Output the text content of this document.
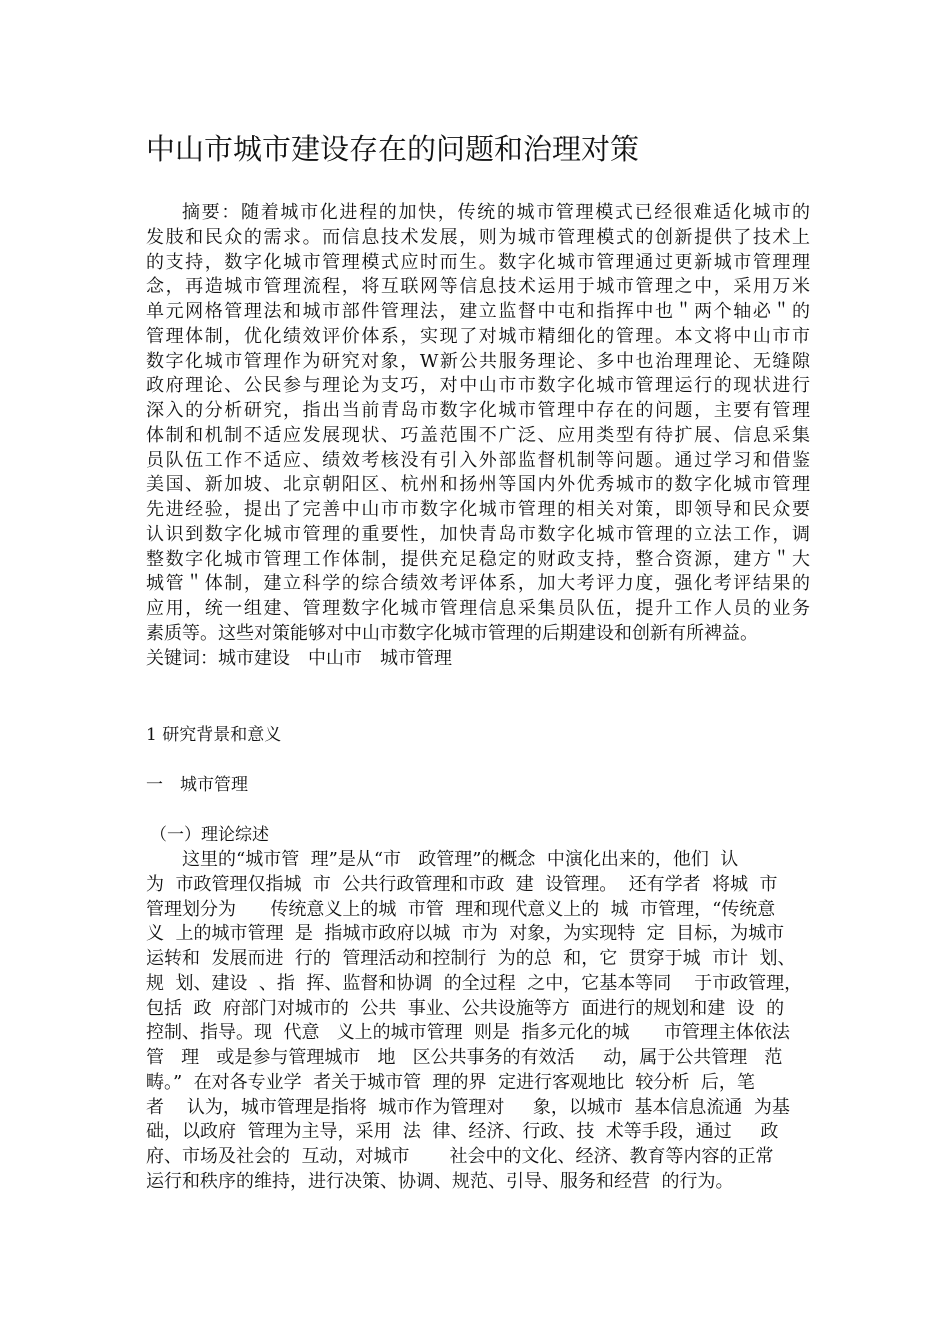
中山市城市建设存在的问题和治理对策
摘要：随着城市化进程的加快，传统的城市管理模式已经很难适化城市的
发肢和民众的需求。而信息技术发展，则为城市管理模式的创新提供了技术上
的支持，数字化城市管理模式应时而生。数字化城市管理通过更新城市管理理
念，再造城市管理流程，将互联网等信息技术运用于城市管理之中，采用万米
单元网格管理法和城市部件管理法，建立监督中屯和指挥中也＂两个轴必＂的
管理体制，优化绩效评价体系，实现了对城市精细化的管理。本文将中山市市
数字化城市管理作为研究对象，W新公共服务理论、多中也治理理论、无缝隙
政府理论、公民参与理论为支巧，对中山市市数字化城市管理运行的现状进行
深入的分析研究，指出当前青岛市数字化城市管理中存在的问题，主要有管理
体制和机制不适应发展现状、巧盖范围不广泛、应用类型有待扩展、信息采集
员队伍工作不适应、绩效考核没有引入外部监督机制等问题。通过学习和借鉴
美国、新加坡、北京朝阳区、杭州和扬州等国内外优秀城市的数字化城市管理
先进经验，提出了完善中山市市数字化城市管理的相关对策，即领导和民众要
认识到数字化城市管理的重要性，加快青岛市数字化城市管理的立法工作，调
整数字化城市管理工作体制，提供充足稳定的财政支持，整合资源，建方＂大
城管＂体制，建立科学的综合绩效考评体系，加大考评力度，强化考评结果的
应用，统一组建、管理数字化城市管理信息采集员队伍，提升工作人员的业务
素质等。这些对策能够对中山市数字化城市管理的后期建设和创新有所裨益。
关键词：城市建设　中山市　城市管理
1 研究背景和意义
一　城市管理
（一）理论综述
这里的“城市管  理”是从“市   政管理”的概念  中演化出来的，他们  认
为  市政管理仅指城  市  公共行政管理和市政  建  设管理。  还有学者  将城  市
管理划分为      传统意义上的城  市管  理和现代意义上的  城  市管理，“传统意
义  上的城市管理  是  指城市政府以城  市为  对象，为实现特  定  目标，为城市
运转和  发展而进  行的  管理活动和控制行  为的总  和，它  贯穿于城  市计  划、
规  划、建设  、指  挥、监督和协调  的全过程  之中，它基本等同    于市政管理，
包括  政  府部门对城市的  公共  事业、公共设施等方  面进行的规划和建  设  的
控制、指导。现  代意   义上的城市管理  则是  指多元化的城      市管理主体依法
管   理   或是参与管理城市   地   区公共事务的有效活     动，属于公共管理   范
畴。”  在对各专业学  者关于城市管  理的界  定进行客观地比  较分析  后，笔
者    认为，城市管理是指将  城市作为管理对     象，以城市  基本信息流通  为基
础，以政府  管理为主导，采用  法  律、经济、行政、技  术等手段，通过     政
府、市场及社会的  互动，对城市       社会中的文化、经济、教育等内容的正常
运行和秩序的维持，进行决策、协调、规范、引导、服务和经营  的行为。
